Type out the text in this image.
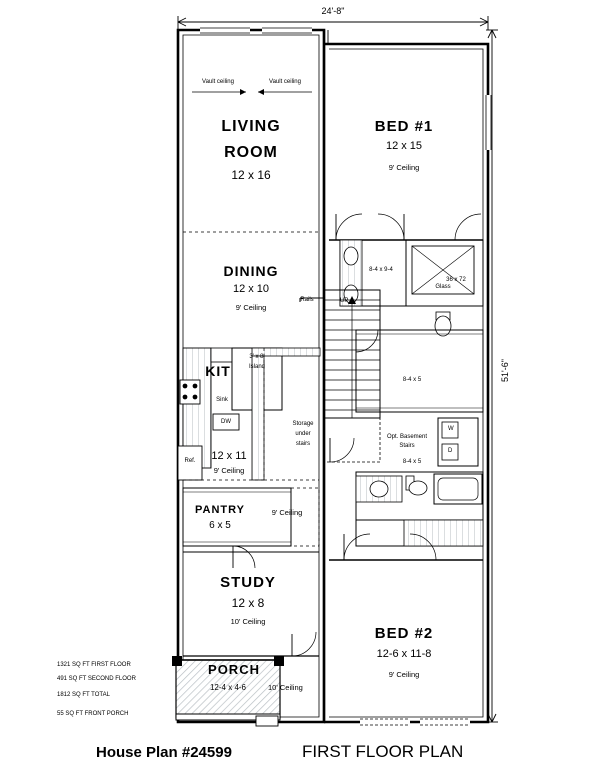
24'-8"
51'-6"
Vault ceiling	Vault ceiling
LIVING
ROOM
12 x 16
BED #1
12 x 15
9' Ceiling
DINING
12 x 10
9' Ceiling
KIT
Sink
DW
Ref.
3' x 8'
Island
12 x 11
9' Ceiling
PANTRY
6 x 5
9' Ceiling
STUDY
12 x 8
10' Ceiling
PORCH
12-4 x 4-6	10' Ceiling
BED #2
12-6 x 11-8
9' Ceiling
8-4 x 9-4
Glass
36 x 72
8-4 x 5
8-4 x 5
Rails	UP
Storage
under
stairs
Opt. Basement
Stairs
W
D
1321 SQ FT FIRST FLOOR
491 SQ FT SECOND FLOOR
1812 SQ FT TOTAL
55 SQ FT FRONT PORCH
House Plan #24599	FIRST FLOOR PLAN
